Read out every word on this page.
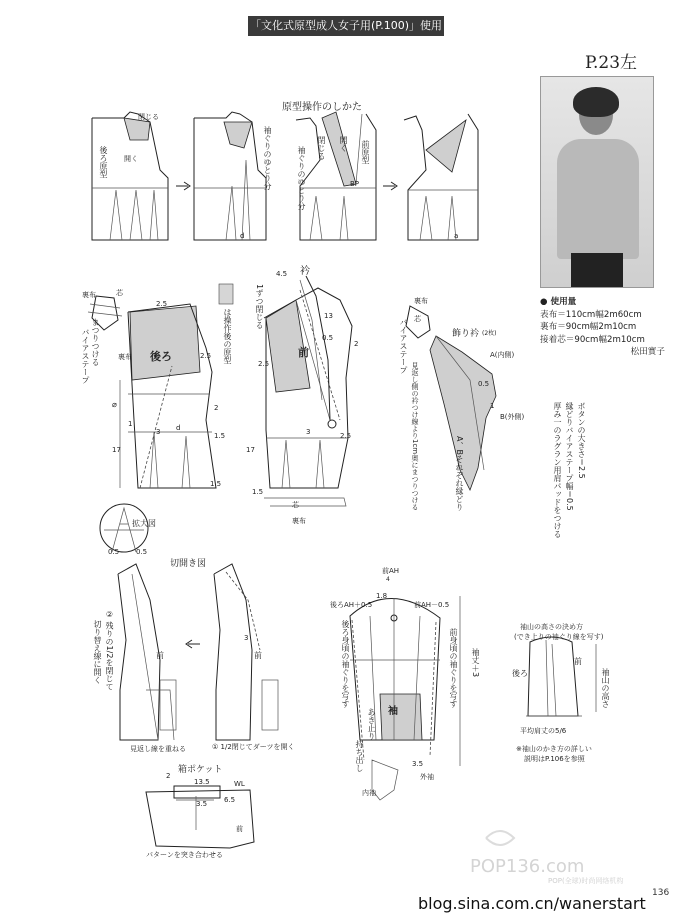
「文化式原型成人女子用(P.100)」使用
P.23左
● 使用量
表布＝110cm幅2m60cm
裏布＝90cm幅2m10cm
接着芯＝90cm幅2m10cm
松田實子
原型操作のしかた
閉じる
開く
後ろ原型	袖ぐりのゆとり分	袖ぐりのゆとり分 閉じる 開く 前原型
BP
d	a
衿
1ずつ閉じる
は操作後の原型
後ろ	前
裏布	芯
まつりつける
バイアステープ	裏布
裏布
芯
バイアステープ
見返し側の衿つけ線より1cm奥にまつりつける
飾り衿 (2枚)
A(内側)
B(外側)
A、Bそれぞれ縁どり	ボタンの大きさ＝2.5
縁どりバイアステープ幅＝0.5
厚み一のラグラン用肩パッドをつける
裏布
芯
2.5
2.5
2
⌀
17
1.5
1.5
3 d
1
4.5
13
2
0.5
2.5
2.5
17
1.5
3
0.5
1
拡大図
0.5 0.5
切開き図
② 残りの1/2を閉じて
切り替え線に開く	前
3
前
見返し線を重ねる	① 1/2閉じてダーツを開く
箱ポケット
13.5	WL
6.5
3.5
2
前
パターンを突き合わせる
前AH
4
後ろAH＋0.5	前AH－0.5
1.8
後ろ身頃の袖ぐりを写す	前身頃の袖ぐりを写す 袖丈＋3
袖
あき止り
持ち出し
外袖
内袖
3.5
袖山の高さの決め方
(でき上りの袖ぐり線を写す)
前
後ろ	袖山の高さ
平均肩丈の5/6
※袖山のかき方の詳しい
説明はP.106を参照
POP136.com
POP(全球)时尚网络机构
136
blog.sina.com.cn/wanerstart
